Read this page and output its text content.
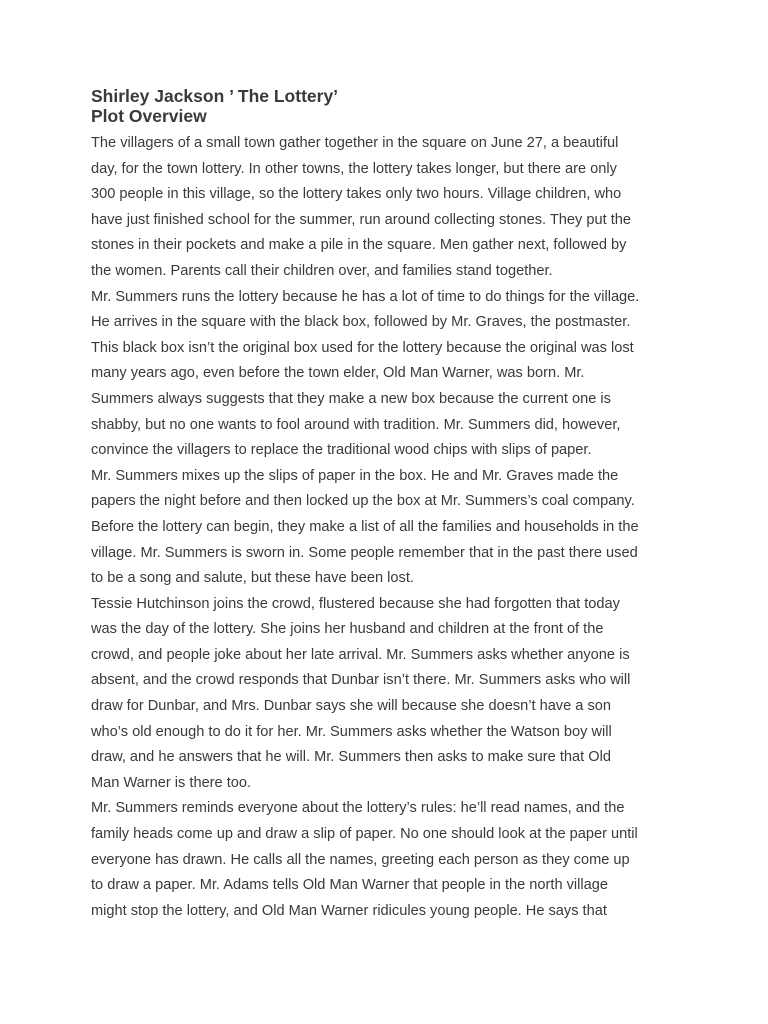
Shirley Jackson ’ The Lottery’
Plot Overview
The villagers of a small town gather together in the square on June 27, a beautiful
day, for the town lottery. In other towns, the lottery takes longer, but there are only
300 people in this village, so the lottery takes only two hours. Village children, who
have just finished school for the summer, run around collecting stones. They put the
stones in their pockets and make a pile in the square. Men gather next, followed by
the women. Parents call their children over, and families stand together.
Mr. Summers runs the lottery because he has a lot of time to do things for the village.
He arrives in the square with the black box, followed by Mr. Graves, the postmaster.
This black box isn’t the original box used for the lottery because the original was lost
many years ago, even before the town elder, Old Man Warner, was born. Mr.
Summers always suggests that they make a new box because the current one is
shabby, but no one wants to fool around with tradition. Mr. Summers did, however,
convince the villagers to replace the traditional wood chips with slips of paper.
Mr. Summers mixes up the slips of paper in the box. He and Mr. Graves made the
papers the night before and then locked up the box at Mr. Summers’s coal company.
Before the lottery can begin, they make a list of all the families and households in the
village. Mr. Summers is sworn in. Some people remember that in the past there used
to be a song and salute, but these have been lost.
Tessie Hutchinson joins the crowd, flustered because she had forgotten that today
was the day of the lottery. She joins her husband and children at the front of the
crowd, and people joke about her late arrival. Mr. Summers asks whether anyone is
absent, and the crowd responds that Dunbar isn’t there. Mr. Summers asks who will
draw for Dunbar, and Mrs. Dunbar says she will because she doesn’t have a son
who’s old enough to do it for her. Mr. Summers asks whether the Watson boy will
draw, and he answers that he will. Mr. Summers then asks to make sure that Old
Man Warner is there too.
Mr. Summers reminds everyone about the lottery’s rules: he’ll read names, and the
family heads come up and draw a slip of paper. No one should look at the paper until
everyone has drawn. He calls all the names, greeting each person as they come up
to draw a paper. Mr. Adams tells Old Man Warner that people in the north village
might stop the lottery, and Old Man Warner ridicules young people. He says that
